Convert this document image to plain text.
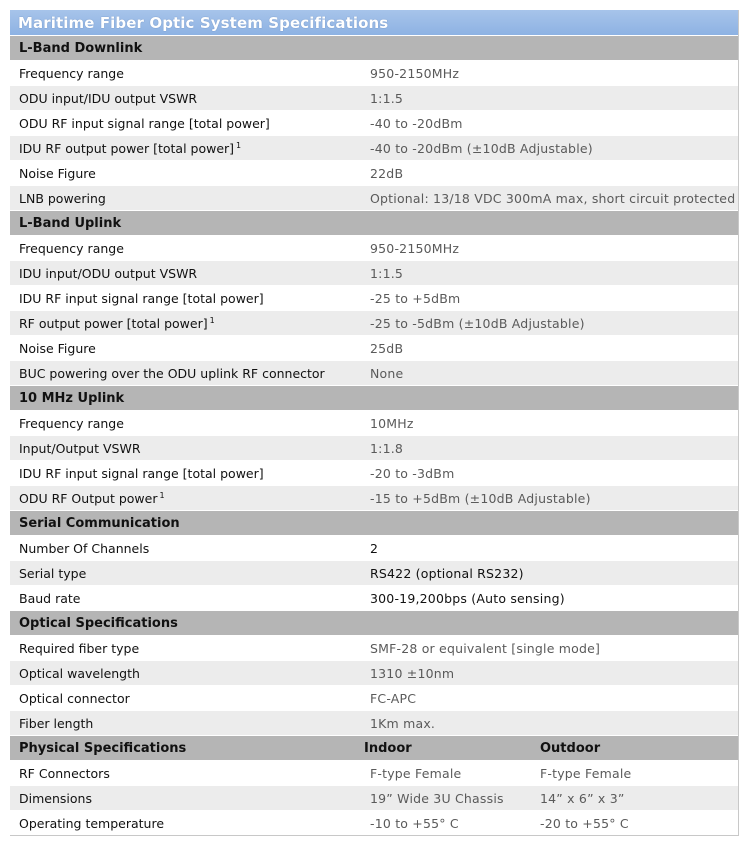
Maritime Fiber Optic System Specifications
L-Band Downlink
Frequency range	950-2150MHz
ODU input/IDU output VSWR	1:1.5
ODU RF input signal range [total power]	-40 to -20dBm
IDU RF output power [total power] $^1$	-40 to -20dBm (±10dB Adjustable)
Noise Figure	22dB
LNB powering	Optional: 13/18 VDC 300mA max, short circuit protected
L-Band Uplink
Frequency range	950-2150MHz
IDU input/ODU output VSWR	1:1.5
IDU RF input signal range [total power]	-25 to +5dBm
RF output power [total power] $^1$	-25 to -5dBm (±10dB Adjustable)
Noise Figure	25dB
BUC powering over the ODU uplink RF connector	None
10 MHz Uplink
Frequency range	10MHz
Input/Output VSWR	1:1.8
IDU RF input signal range [total power]	-20 to -3dBm
ODU RF Output power $^1$	-15 to +5dBm (±10dB Adjustable)
Serial Communication
Number Of Channels	2
Serial type	RS422 (optional RS232)
Baud rate	300-19,200bps (Auto sensing)
Optical Specifications
Required fiber type	SMF-28 or equivalent [single mode]
Optical wavelength	1310 ±10nm
Optical connector	FC-APC
Fiber length	1Km max.
Physical Specifications	Indoor	Outdoor
RF Connectors	F-type Female	F-type Female
Dimensions	19” Wide 3U Chassis	14” x 6” x 3”
Operating temperature	-10 to +55° C	-20 to +55° C
